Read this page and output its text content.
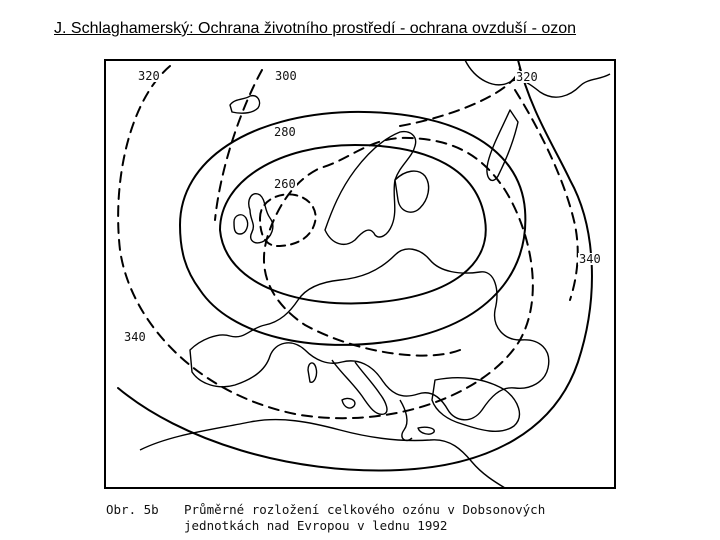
J. Schlaghamerský: Ochrana životního prostředí - ochrana ovzduší - ozon
320	300	320
280
260
340
340
Obr. 5b Průměrné rozložení celkového ozónu v Dobsonových
jednotkách nad Evropou v lednu 1992
